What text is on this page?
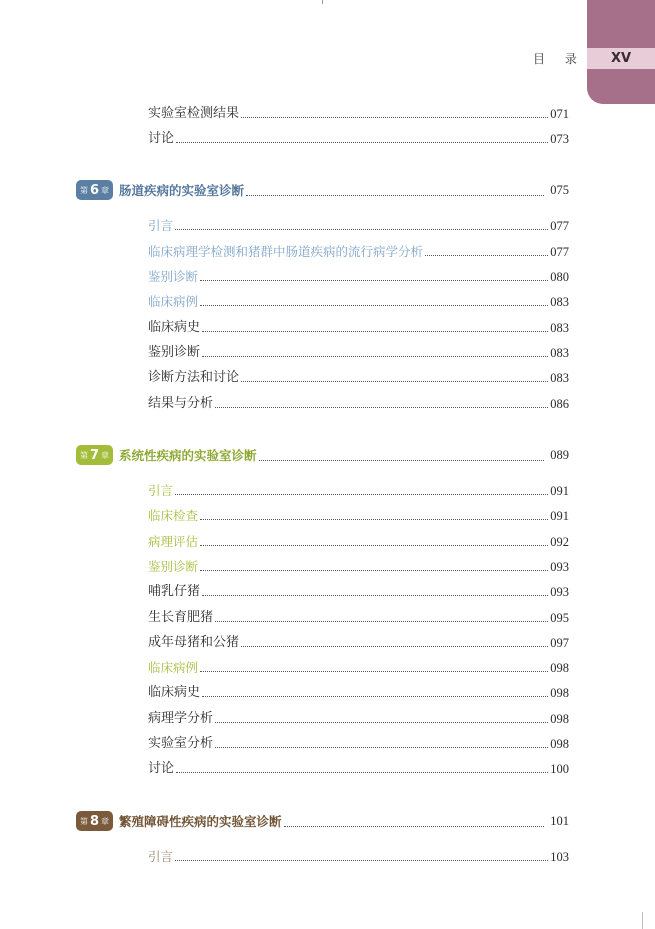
XV
目 录
实验室检测结果	071
讨论	073
第 6 章 肠道疾病的实验室诊断	075
引言	077
临床病理学检测和猪群中肠道疾病的流行病学分析	077
鉴别诊断	080
临床病例	083
临床病史	083
鉴别诊断	083
诊断方法和讨论	083
结果与分析	086
第 7 章 系统性疾病的实验室诊断	089
引言	091
临床检查	091
病理评估	092
鉴别诊断	093
哺乳仔猪	093
生长育肥猪	095
成年母猪和公猪	097
临床病例	098
临床病史	098
病理学分析	098
实验室分析	098
讨论	100
第 8 章 繁殖障碍性疾病的实验室诊断	101
引言	103
